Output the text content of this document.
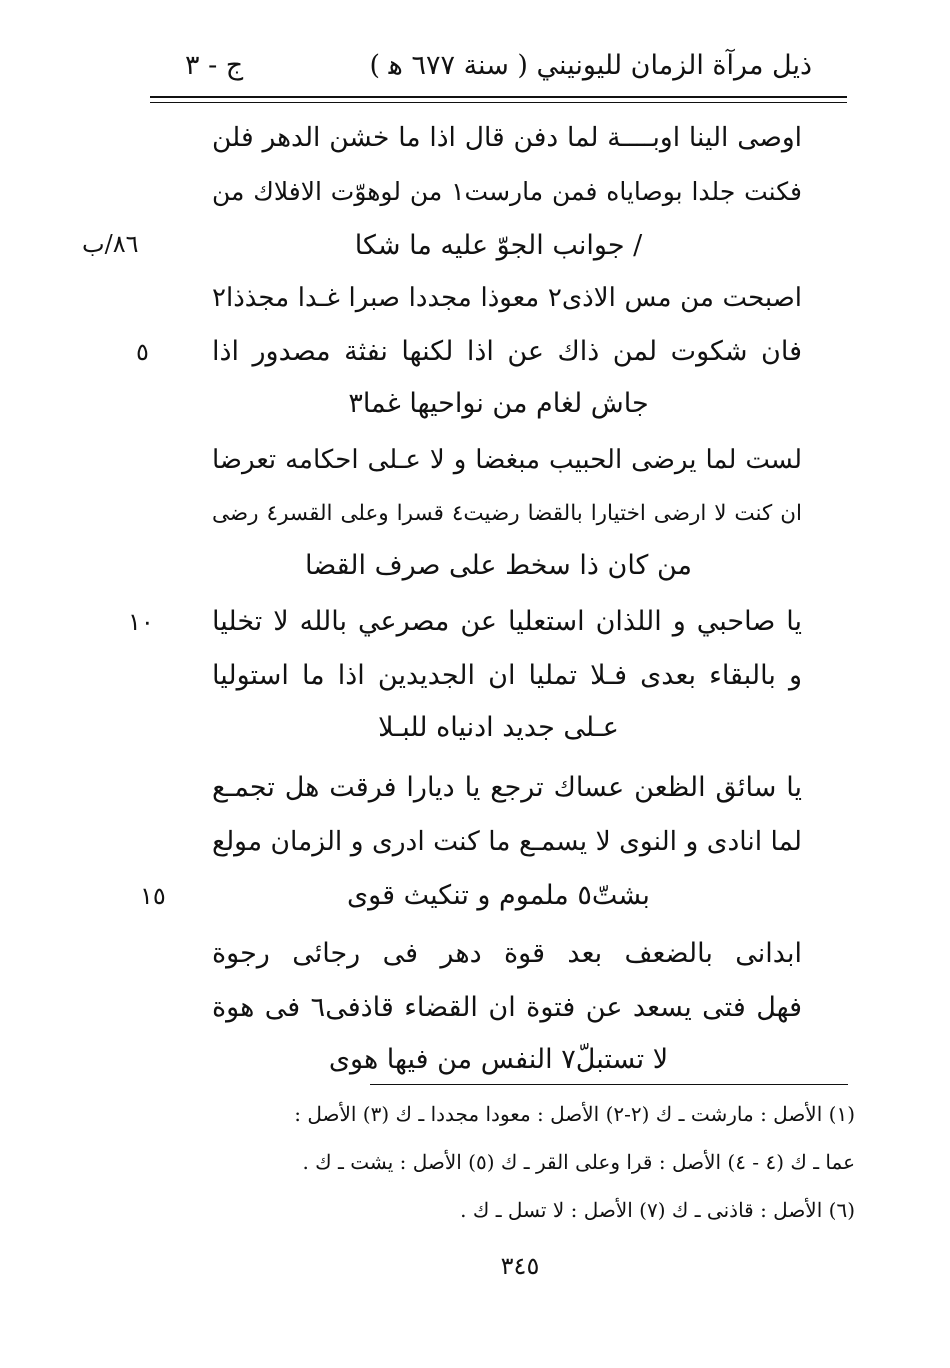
ذيل مرآة الزمان لليونيني ( سنة ٦٧٧ ﻫ )
ج - ٣
اوصى الينا اوبــــة لما دفن قال اذا ما خشن الدهر فلن
فكنت جلدا بوصاياه فمن مارست١ من لوهوّت الافلاك من
/ جوانب الجوّ عليه ما شكا
اصبحت من مس الاذى٢ معوذا مجددا صبرا غـدا مجذذا٢
فان شكوت لمن ذاك عن اذا لكنها نفثة مصدور اذا
جاش لغام من نواحيها غما٣
لست لما يرضى الحبيب مبغضا و لا عـلى احكامه تعرضا
ان كنت لا ارضى اختيارا بالقضا رضيت٤ قسرا وعلى القسر٤ رضى
من كان ذا سخط على صرف القضا
يا صاحبي و اللذان استعليا عن مصرعي بالله لا تخليا
و بالبقاء بعدى فـلا تمليا ان الجديدين اذا ما استوليا
عـلى جديد ادنياه للبـلا
يا سائق الظعن عساك ترجع يا ديارا فرقت هل تجمـع
لما انادى و النوى لا يسمـع ما كنت ادرى و الزمان مولع
بشتّ٥ ملموم و تنكيث قوى
ابدانى بالضعف بعد قوة دهر فى رجائى رجوة
فهل فتى يسعد عن فتوة ان القضاء قاذفى٦ فى هوة
لا تستبلّ٧ النفس من فيها هوى
٨٦/ب
٥
١٠
١٥
(١) الأصل : مارشت ـ ك (٢-٢) الأصل : معودا مجددا ـ ك (٣) الأصل :
عما ـ ك (٤ - ٤) الأصل : قرا وعلى القر ـ ك (٥) الأصل : يشت ـ ك .
(٦) الأصل : قاذنى ـ ك (٧) الأصل : لا تسل ـ ك .
٣٤٥
